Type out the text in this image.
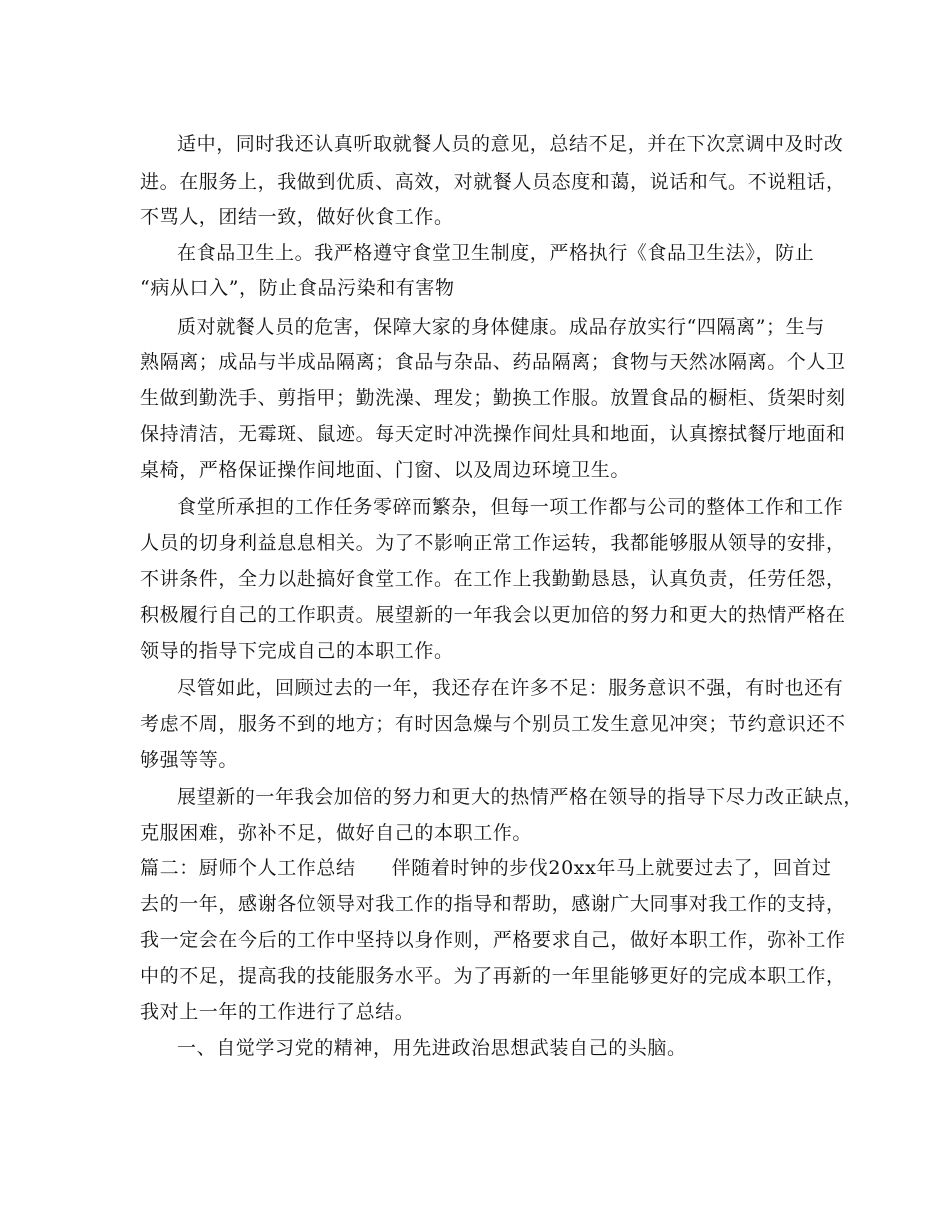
适中，同时我还认真听取就餐人员的意见，总结不足，并在下次烹调中及时改
进。在服务上，我做到优质、高效，对就餐人员态度和蔼，说话和气。不说粗话，
不骂人，团结一致，做好伙食工作。
在食品卫生上。我严格遵守食堂卫生制度，严格执行《食品卫生法》，防止
“病从口入”，防止食品污染和有害物
质对就餐人员的危害，保障大家的身体健康。成品存放实行“四隔离”；生与
熟隔离；成品与半成品隔离；食品与杂品、药品隔离；食物与天然冰隔离。个人卫
生做到勤洗手、剪指甲；勤洗澡、理发；勤换工作服。放置食品的橱柜、货架时刻
保持清洁，无霉斑、鼠迹。每天定时冲洗操作间灶具和地面，认真擦拭餐厅地面和
桌椅，严格保证操作间地面、门窗、以及周边环境卫生。
食堂所承担的工作任务零碎而繁杂，但每一项工作都与公司的整体工作和工作
人员的切身利益息息相关。为了不影响正常工作运转，我都能够服从领导的安排，
不讲条件，全力以赴搞好食堂工作。在工作上我勤勤恳恳，认真负责，任劳任怨，
积极履行自己的工作职责。展望新的一年我会以更加倍的努力和更大的热情严格在
领导的指导下完成自己的本职工作。
尽管如此，回顾过去的一年，我还存在许多不足：服务意识不强，有时也还有
考虑不周，服务不到的地方；有时因急燥与个别员工发生意见冲突；节约意识还不
够强等等。
展望新的一年我会加倍的努力和更大的热情严格在领导的指导下尽力改正缺点，
克服困难，弥补不足，做好自己的本职工作。
篇二：厨师个人工作总结 伴随着时钟的步伐20xx年马上就要过去了，回首过
去的一年，感谢各位领导对我工作的指导和帮助，感谢广大同事对我工作的支持，
我一定会在今后的工作中坚持以身作则，严格要求自己，做好本职工作，弥补工作
中的不足，提高我的技能服务水平。为了再新的一年里能够更好的完成本职工作，
我对上一年的工作进行了总结。
一、自觉学习党的精神，用先进政治思想武装自己的头脑。
